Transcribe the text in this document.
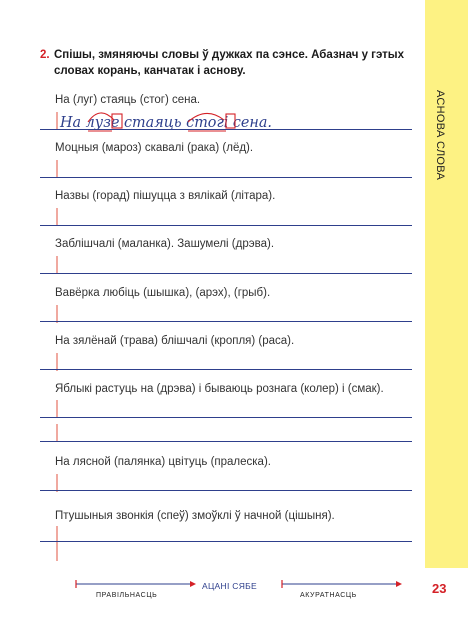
АСНОВА СЛОВА
2. Спішы, змяняючы словы ў дужках па сэнсе. Абазнач у гэтых словах корань, канчатак і аснову.
На (луг) стаяць (стог) сена.
Моцныя (мароз) скавалі (рака) (лёд).
Назвы (горад) пішуцца з вялікай (літара).
Заблішчалі (маланка). Зашумелі (дрэва).
Вавёрка любіць (шышка), (арэх), (грыб).
На зялёнай (трава) блішчалі (кропля) (раса).
Яблыкі растуць на (дрэва) і бываюць рознага (колер) і (смак).
На лясной (палянка) цвітуць (пралеска).
Птушыныя звонкія (спеў) змоўклі ў начной (цішыня).
На лузе стаяць стогі сена.
ПРАВІЛЬНАСЦЬ
АЦАНІ СЯБЕ
АКУРАТНАСЦЬ	23
